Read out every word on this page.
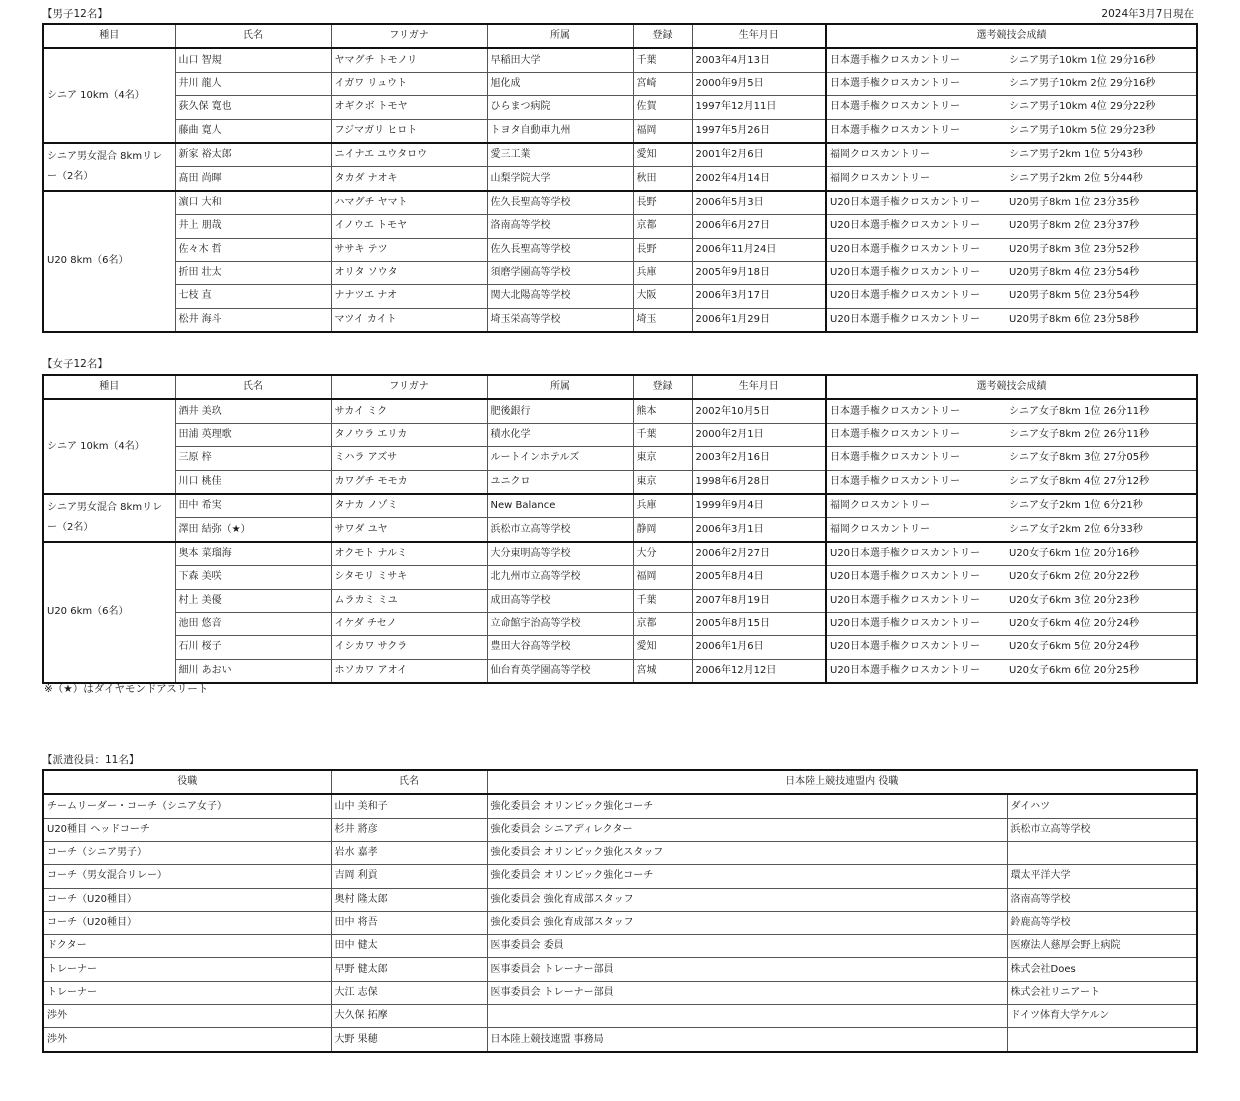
【男子12名】	2024年3月7日現在
種目	氏名	フリガナ	所属	登録	生年月日	選考競技会成績	
シニア 10km（4名）	山口 智規	ヤマグチ トモノリ	早稲田大学	千葉	2003年4月13日	日本選手権クロスカントリー	シニア男子10km 1位 29分16秒
	井川 龍人	イガワ リュウト	旭化成	宮崎	2000年9月5日	日本選手権クロスカントリー	シニア男子10km 2位 29分16秒
	荻久保 寛也	オギクボ トモヤ	ひらまつ病院	佐賀	1997年12月11日	日本選手権クロスカントリー	シニア男子10km 4位 29分22秒
	藤曲 寛人	フジマガリ ヒロト	トヨタ自動車九州	福岡	1997年5月26日	日本選手権クロスカントリー	シニア男子10km 5位 29分23秒
シニア男女混合 8kmリレー（2名）	新家 裕太郎	ニイナエ ユウタロウ	愛三工業	愛知	2001年2月6日	福岡クロスカントリー	シニア男子2km 1位 5分43秒
	髙田 尚暉	タカダ ナオキ	山梨学院大学	秋田	2002年4月14日	福岡クロスカントリー	シニア男子2km 2位 5分44秒
U20 8km（6名）	濵口 大和	ハマグチ ヤマト	佐久長聖高等学校	長野	2006年5月3日	U20日本選手権クロスカントリー	U20男子8km 1位 23分35秒
	井上 朋哉	イノウエ トモヤ	洛南高等学校	京都	2006年6月27日	U20日本選手権クロスカントリー	U20男子8km 2位 23分37秒
	佐々木 哲	ササキ テツ	佐久長聖高等学校	長野	2006年11月24日	U20日本選手権クロスカントリー	U20男子8km 3位 23分52秒
	折田 壮太	オリタ ソウタ	須磨学園高等学校	兵庫	2005年9月18日	U20日本選手権クロスカントリー	U20男子8km 4位 23分54秒
	七枝 直	ナナツエ ナオ	関大北陽高等学校	大阪	2006年3月17日	U20日本選手権クロスカントリー	U20男子8km 5位 23分54秒
	松井 海斗	マツイ カイト	埼玉栄高等学校	埼玉	2006年1月29日	U20日本選手権クロスカントリー	U20男子8km 6位 23分58秒
【女子12名】
種目	氏名	フリガナ	所属	登録	生年月日	選考競技会成績	
シニア 10km（4名）	酒井 美玖	サカイ ミク	肥後銀行	熊本	2002年10月5日	日本選手権クロスカントリー	シニア女子8km 1位 26分11秒
	田浦 英理歌	タノウラ エリカ	積水化学	千葉	2000年2月1日	日本選手権クロスカントリー	シニア女子8km 2位 26分11秒
	三原 梓	ミハラ アズサ	ルートインホテルズ	東京	2003年2月16日	日本選手権クロスカントリー	シニア女子8km 3位 27分05秒
	川口 桃佳	カワグチ モモカ	ユニクロ	東京	1998年6月28日	日本選手権クロスカントリー	シニア女子8km 4位 27分12秒
シニア男女混合 8kmリレー（2名）	田中 希実	タナカ ノゾミ	New Balance	兵庫	1999年9月4日	福岡クロスカントリー	シニア女子2km 1位 6分21秒
	澤田 結弥（★）	サワダ ユヤ	浜松市立高等学校	静岡	2006年3月1日	福岡クロスカントリー	シニア女子2km 2位 6分33秒
U20 6km（6名）	奥本 菜瑠海	オクモト ナルミ	大分東明高等学校	大分	2006年2月27日	U20日本選手権クロスカントリー	U20女子6km 1位 20分16秒
	下森 美咲	シタモリ ミサキ	北九州市立高等学校	福岡	2005年8月4日	U20日本選手権クロスカントリー	U20女子6km 2位 20分22秒
	村上 美優	ムラカミ ミユ	成田高等学校	千葉	2007年8月19日	U20日本選手権クロスカントリー	U20女子6km 3位 20分23秒
	池田 悠音	イケダ チセノ	立命館宇治高等学校	京都	2005年8月15日	U20日本選手権クロスカントリー	U20女子6km 4位 20分24秒
	石川 桜子	イシカワ サクラ	豊田大谷高等学校	愛知	2006年1月6日	U20日本選手権クロスカントリー	U20女子6km 5位 20分24秒
	細川 あおい	ホソカワ アオイ	仙台育英学園高等学校	宮城	2006年12月12日	U20日本選手権クロスカントリー	U20女子6km 6位 20分25秒
※（★）はダイヤモンドアスリート
【派遣役員：11名】
役職	氏名	日本陸上競技連盟内 役職	
チームリーダー・コーチ（シニア女子）	山中 美和子	強化委員会 オリンピック強化コーチ	ダイハツ
U20種目 ヘッドコーチ	杉井 將彦	強化委員会 シニアディレクター	浜松市立高等学校
コーチ（シニア男子）	岩水 嘉孝	強化委員会 オリンピック強化スタッフ	
コーチ（男女混合リレー）	吉岡 利貢	強化委員会 オリンピック強化コーチ	環太平洋大学
コーチ（U20種目）	奥村 隆太郎	強化委員会 強化育成部スタッフ	洛南高等学校
コーチ（U20種目）	田中 将吾	強化委員会 強化育成部スタッフ	鈴鹿高等学校
ドクター	田中 健太	医事委員会 委員	医療法人慈厚会野上病院
トレーナー	早野 健太郎	医事委員会 トレーナー部員	株式会社Does
トレーナー	大江 志保	医事委員会 トレーナー部員	株式会社リニアート
渉外	大久保 拓摩		ドイツ体育大学ケルン
渉外	大野 果穂	日本陸上競技連盟 事務局	
